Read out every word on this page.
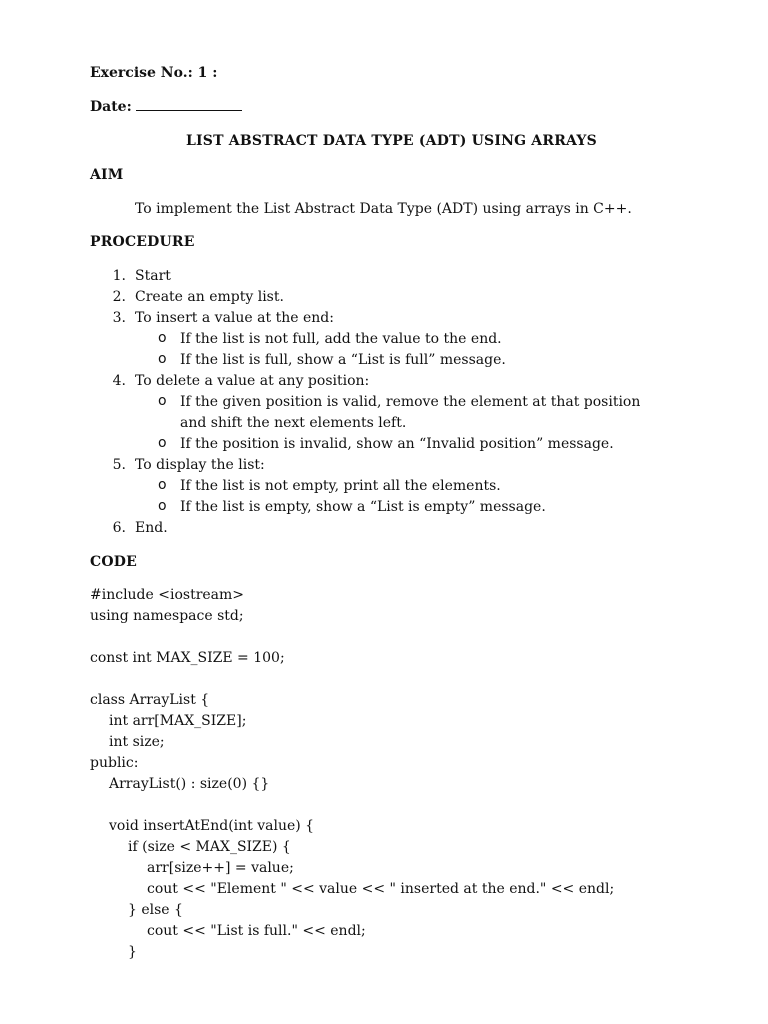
Exercise No.: 1 :
Date:
LIST ABSTRACT DATA TYPE (ADT) USING ARRAYS
AIM
To implement the List Abstract Data Type (ADT) using arrays in C++.
PROCEDURE
1. Start
2. Create an empty list.
3. To insert a value at the end:
o If the list is not full, add the value to the end.
o If the list is full, show a “List is full” message.
4. To delete a value at any position:
o If the given position is valid, remove the element at that position
and shift the next elements left.
o If the position is invalid, show an “Invalid position” message.
5. To display the list:
o If the list is not empty, print all the elements.
o If the list is empty, show a “List is empty” message.
6. End.
CODE
#include <iostream>
using namespace std;
const int MAX_SIZE = 100;
class ArrayList {
int arr[MAX_SIZE];
int size;
public:
ArrayList() : size(0) {}
void insertAtEnd(int value) {
if (size < MAX_SIZE) {
arr[size++] = value;
cout << "Element " << value << " inserted at the end." << endl;
} else {
cout << "List is full." << endl;
}
